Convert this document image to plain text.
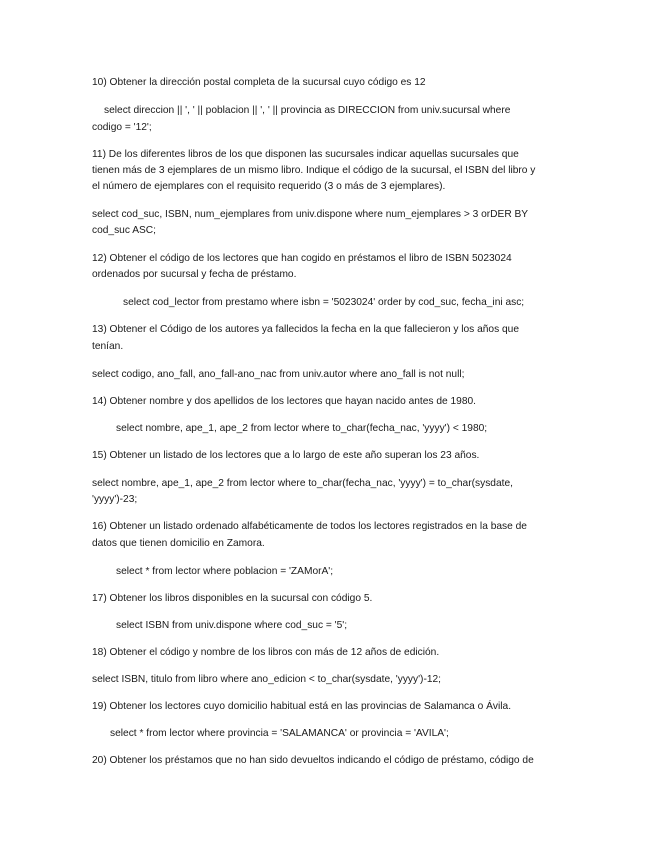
10) Obtener la dirección postal completa de la sucursal cuyo código es 12
select direccion || ', ' || poblacion || ', ' || provincia as DIRECCION from univ.sucursal where
codigo = '12';
11) De los diferentes libros de los que disponen las sucursales indicar aquellas sucursales que
tienen más de 3 ejemplares de un mismo libro. Indique el código de la sucursal, el ISBN del libro y
el número de ejemplares con el requisito requerido (3 o más de 3 ejemplares).
select cod_suc, ISBN, num_ejemplares from univ.dispone where num_ejemplares > 3 orDER BY
cod_suc ASC;
12) Obtener el código de los lectores que han cogido en préstamos el libro de ISBN 5023024
ordenados por sucursal y fecha de préstamo.
select cod_lector from prestamo where isbn = '5023024' order by cod_suc, fecha_ini asc;
13) Obtener el Código de los autores ya fallecidos la fecha en la que fallecieron y los años que
tenían.
select codigo, ano_fall, ano_fall-ano_nac from univ.autor where ano_fall is not null;
14) Obtener nombre y dos apellidos de los lectores que hayan nacido antes de 1980.
select nombre, ape_1, ape_2 from lector where to_char(fecha_nac, 'yyyy') < 1980;
15) Obtener un listado de los lectores que a lo largo de este año superan los 23 años.
select nombre, ape_1, ape_2 from lector where to_char(fecha_nac, 'yyyy') = to_char(sysdate,
'yyyy')-23;
16) Obtener un listado ordenado alfabéticamente de todos los lectores registrados en la base de
datos que tienen domicilio en Zamora.
select * from lector where poblacion = 'ZAMorA';
17) Obtener los libros disponibles en la sucursal con código 5.
select ISBN from univ.dispone where cod_suc = '5';
18) Obtener el código y nombre de los libros con más de 12 años de edición.
select ISBN, titulo from libro where ano_edicion < to_char(sysdate, 'yyyy')-12;
19) Obtener los lectores cuyo domicilio habitual está en las provincias de Salamanca o Ávila.
select * from lector where provincia = 'SALAMANCA' or provincia = 'AVILA';
20) Obtener los préstamos que no han sido devueltos indicando el código de préstamo, código de
